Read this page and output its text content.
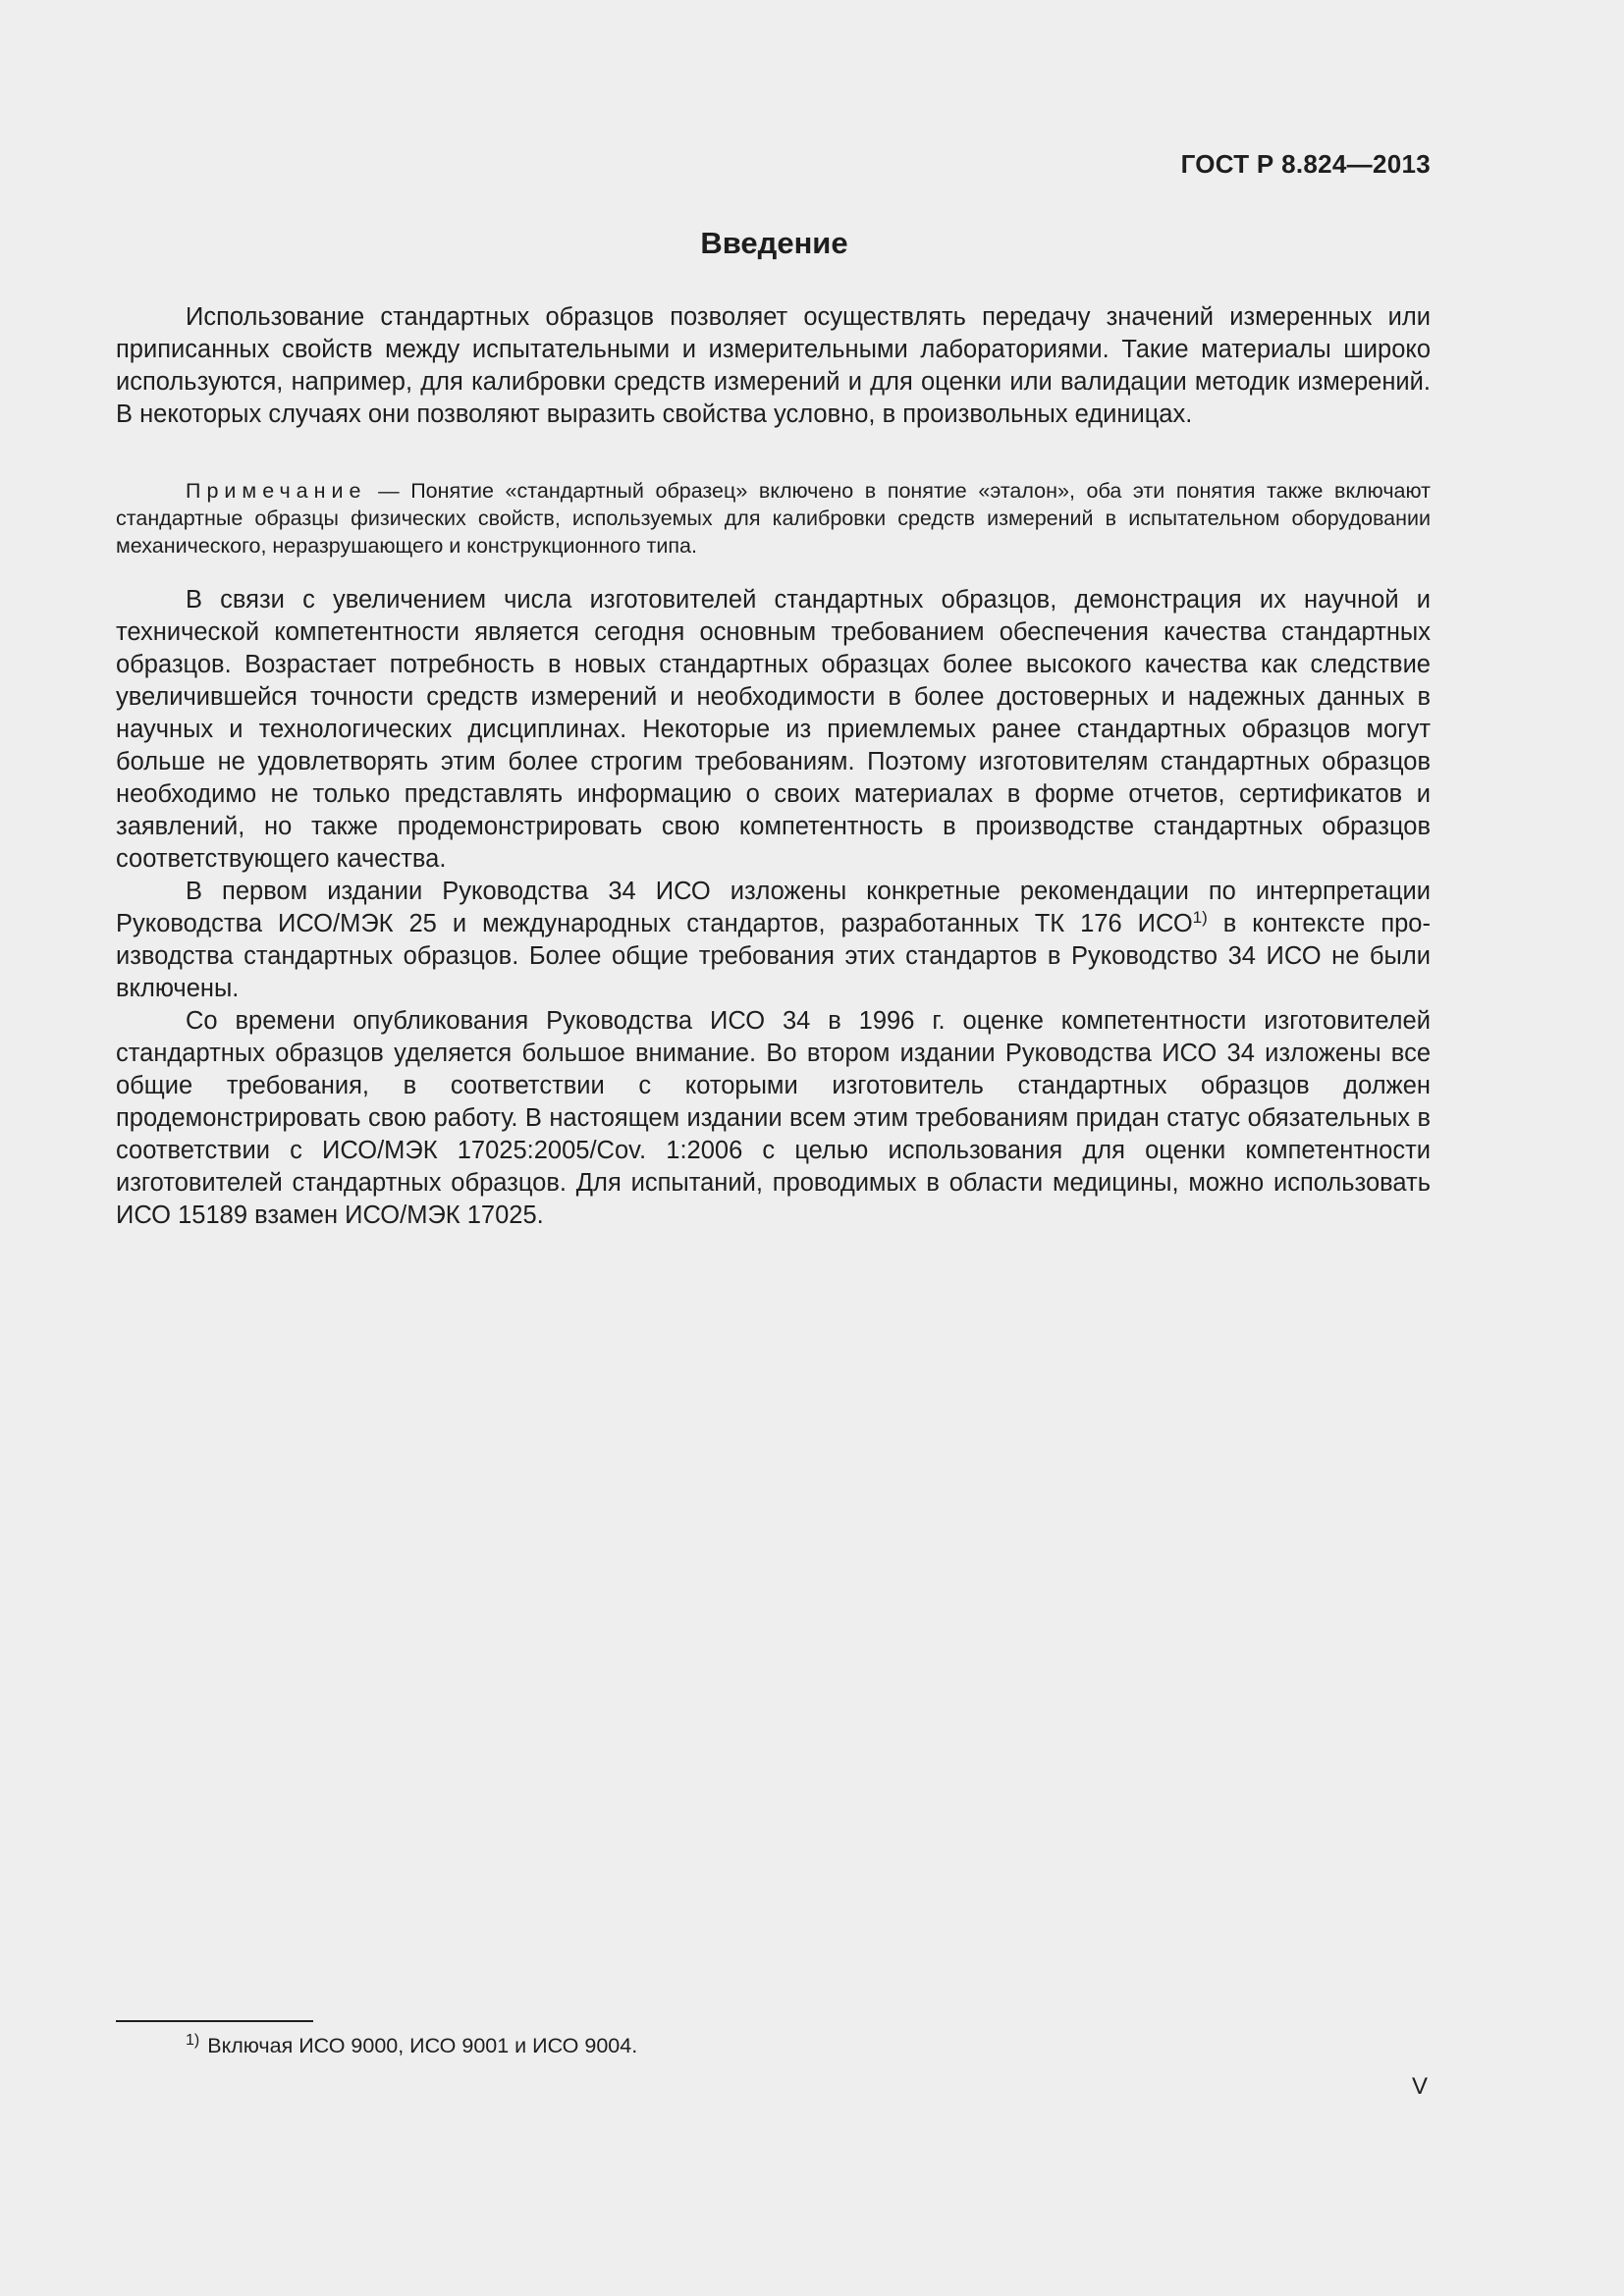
ГОСТ Р 8.824—2013
Введение

Использование стандартных образцов позволяет осуществлять передачу значений измеренных или приписанных свойств между испытательными и измерительными лабораториями. Такие материалы широко используются, например, для калибровки средств измерений и для оценки или валидации методик измерений. В некоторых случаях они позволяют выразить свойства условно, в произвольных единицах.

Примечание — Понятие «стандартный образец» включено в понятие «эталон», оба эти понятия также включают стандартные образцы физических свойств, используемых для калибровки средств измерений в испытательном оборудовании механического, неразрушающего и конструкционного типа.

В связи с увеличением числа изготовителей стандартных образцов, демонстрация их научной и технической компетентности является сегодня основным требованием обеспечения качества стандартных образцов. Возрастает потребность в новых стандартных образцах более высокого качества как следствие увеличившейся точности средств измерений и необходимости в более достоверных и надежных данных в научных и технологических дисциплинах. Некоторые из приемлемых ранее стандартных образцов могут больше не удовлетворять этим более строгим требованиям. Поэтому изготовителям стандартных образцов необходимо не только представлять информацию о своих материалах в форме отчетов, сертификатов и заявлений, но также продемонстрировать свою компетентность в производстве стандартных образцов соответствующего качества.

В первом издании Руководства 34 ИСО изложены конкретные рекомендации по интерпретации Руководства ИСО/МЭК 25 и международных стандартов, разработанных ТК 176 ИСО$^{1)}$ в контексте производства стандартных образцов. Более общие требования этих стандартов в Руководство 34 ИСО не были включены.

Со времени опубликования Руководства ИСО 34 в 1996 г. оценке компетентности изготовителей стандартных образцов уделяется большое внимание. Во втором издании Руководства ИСО 34 изложены все общие требования, в соответствии с которыми изготовитель стандартных образцов должен продемонстрировать свою работу. В настоящем издании всем этим требованиям придан статус обязательных в соответствии с ИСО/МЭК 17025:2005/Cov. 1:2006 с целью использования для оценки компетентности изготовителей стандартных образцов. Для испытаний, проводимых в области медицины, можно использовать ИСО 15189 взамен ИСО/МЭК 17025.

$^{1)}$ Включая ИСО 9000, ИСО 9001 и ИСО 9004.
V
